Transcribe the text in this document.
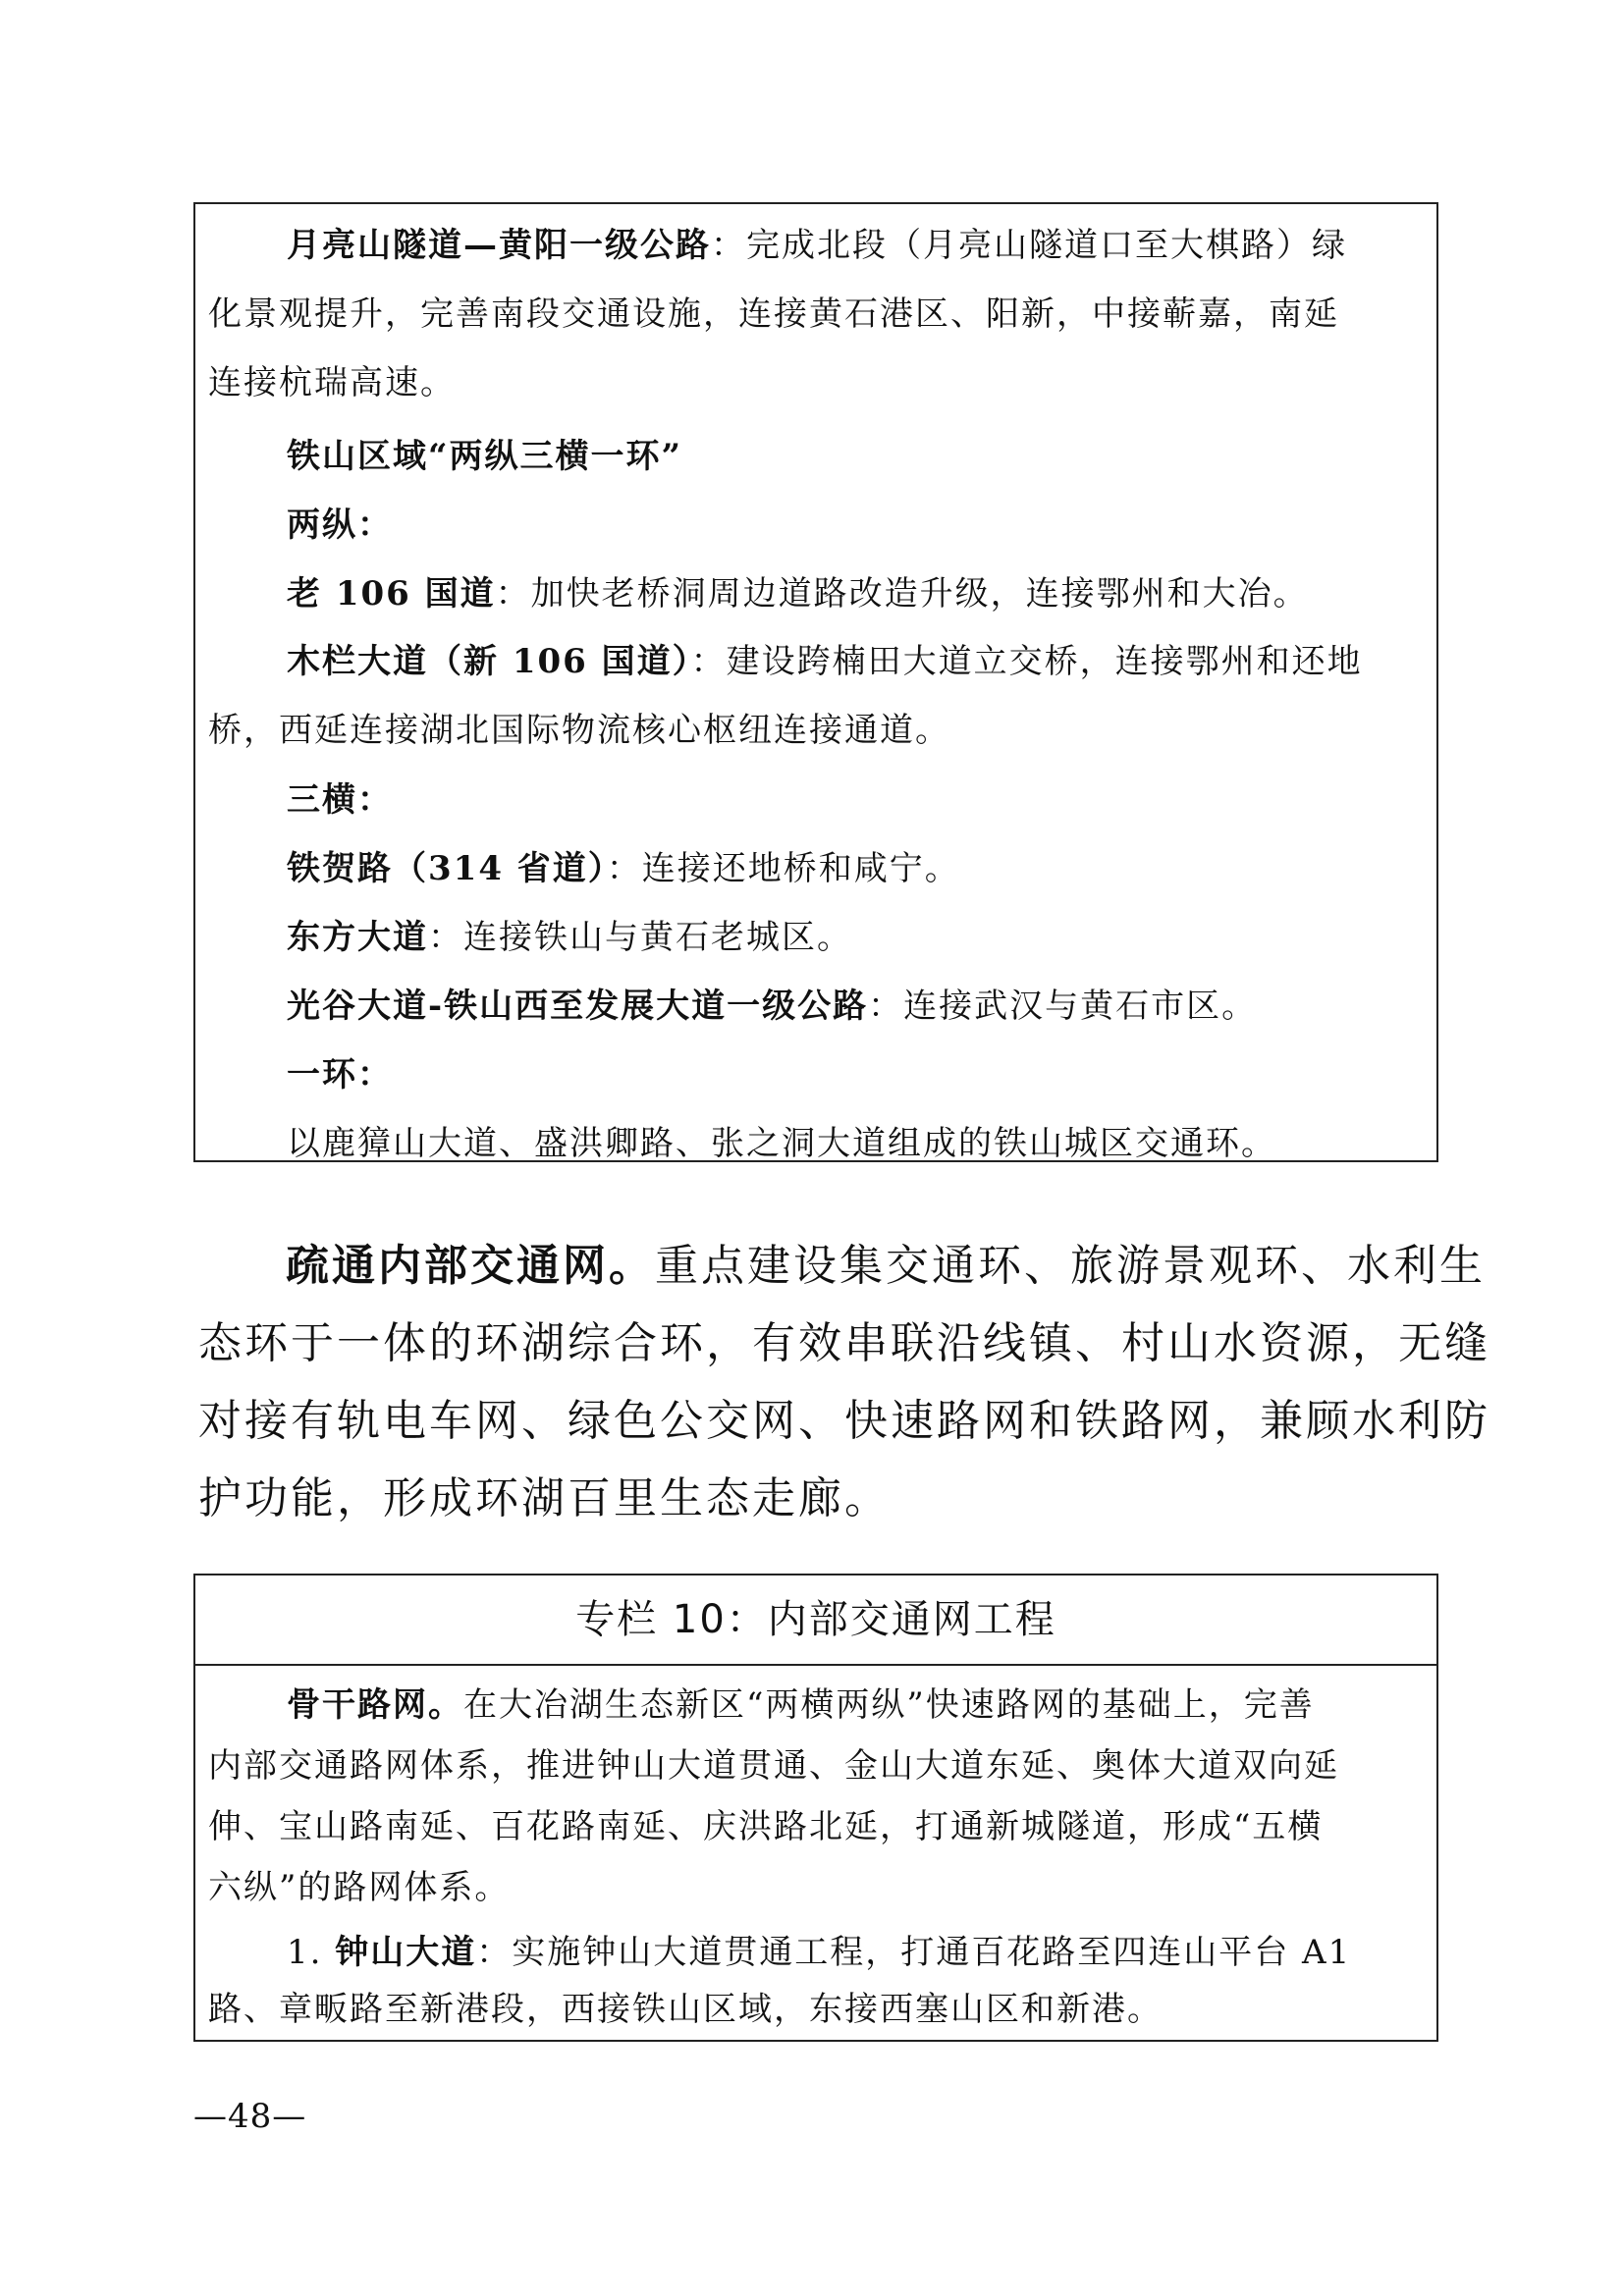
月亮山隧道—黄阳一级公路：完成北段（月亮山隧道口至大棋路）绿
化景观提升，完善南段交通设施，连接黄石港区、阳新，中接蕲嘉，南延
连接杭瑞高速。
铁山区域“两纵三横一环”
两纵：
老 106 国道：加快老桥洞周边道路改造升级，连接鄂州和大冶。
木栏大道（新 106 国道）：建设跨楠田大道立交桥，连接鄂州和还地
桥，西延连接湖北国际物流核心枢纽连接通道。
三横：
铁贺路（314 省道）：连接还地桥和咸宁。
东方大道：连接铁山与黄石老城区。
光谷大道-铁山西至发展大道一级公路：连接武汉与黄石市区。
一环：
以鹿獐山大道、盛洪卿路、张之洞大道组成的铁山城区交通环。
疏通内部交通网。重点建设集交通环、旅游景观环、水利生
态环于一体的环湖综合环，有效串联沿线镇、村山水资源，无缝
对接有轨电车网、绿色公交网、快速路网和铁路网，兼顾水利防
护功能，形成环湖百里生态走廊。
专栏 10：内部交通网工程
骨干路网。在大冶湖生态新区“两横两纵”快速路网的基础上，完善
内部交通路网体系，推进钟山大道贯通、金山大道东延、奥体大道双向延
伸、宝山路南延、百花路南延、庆洪路北延，打通新城隧道，形成“五横
六纵”的路网体系。
1. 钟山大道：实施钟山大道贯通工程，打通百花路至四连山平台 A1
路、章畈路至新港段，西接铁山区域，东接西塞山区和新港。
—48—
